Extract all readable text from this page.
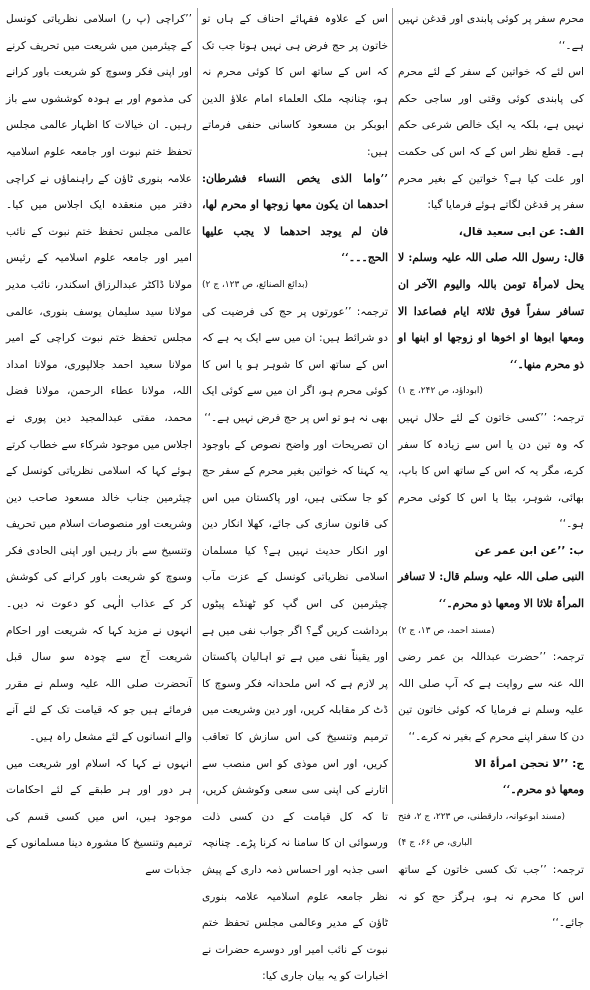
محرم سفر پر کوئی پابندی اور قدغن نہیں ہے۔‘‘

اس لئے کہ خواتین کے سفر کے لئے محرم کی پابندی کوئی وقتی اور ساجی حکم نہیں ہے، بلکہ یہ ایک خالص شرعی حکم ہے۔ قطع نظر اس کے کہ اس کی حکمت اور علت کیا ہے؟ خواتین کے بغیر محرم سفر پر قدغن لگاتے ہوئے فرمایا گیا:

الف: عن ابی سعید قال،

قال: رسول اللہ صلی اللہ علیہ وسلم: لا یحل لامرأۃ تومن باللہ والیوم الآخر ان تسافر سفراً فوق ثلاثۃ ایام فصاعدا الا ومعھا ابوھا او اخوھا او زوجھا او ابنھا او ذو محرم منھا۔‘‘

(ابوداؤد، ص ۲۴۲، ج ۱)

ترجمہ: ’’کسی خاتون کے لئے حلال نہیں کہ وہ تین دن یا اس سے زیادہ کا سفر کرے، مگر یہ کہ اس کے ساتھ اس کا باپ، بھائی، شوہر، بیٹا یا اس کا کوئی محرم ہو۔‘‘

ب: ’’عن ابن عمر عن

النبی صلی اللہ علیہ وسلم قال: لا تسافر المرأۃ ثلاثا الا ومعھا ذو محرم۔‘‘

(مسند احمد، ص ۱۳، ج ۲)

ترجمہ: ’’حضرت عبداللہ بن عمر رضی اللہ عنہ سے روایت ہے کہ آپ صلی اللہ علیہ وسلم نے فرمایا کہ کوئی خاتون تین دن کا سفر اپنے محرم کے بغیر نہ کرے۔‘‘

ج: ’’لا تحجن امرأۃ الا

ومعھا ذو محرم۔‘‘

(مسند ابوعوانہ، دارقطنی، ص ۲۲۳، ج ۲، فتح الباری، ص ۶۶، ج ۴)

ترجمہ: ’’جب تک کسی خاتون کے ساتھ اس کا محرم نہ ہو، ہرگز حج کو نہ جائے۔‘‘

اس کے علاوہ فقہائے احناف کے ہاں تو خاتون پر حج فرض ہی نہیں ہوتا جب تک کہ اس کے ساتھ اس کا کوئی محرم نہ ہو، چنانچہ ملک العلماء امام علاؤ الدین ابوبکر بن مسعود کاسانی حنفی فرماتے ہیں:

’’واما الذی یخص النساء فشرطان: احدھما ان یکون معھا زوجھا او محرم لھا، فان لم یوجد احدھما لا یجب علیھا الحج۔۔۔‘‘

(بدائع الصنائع، ص ۱۲۳، ج ۲)

ترجمہ: ’’عورتوں پر حج کی فرضیت کی دو شرائط ہیں: ان میں سے ایک یہ ہے کہ اس کے ساتھ اس کا شوہر ہو یا اس کا کوئی محرم ہو، اگر ان میں سے کوئی ایک بھی نہ ہو تو اس پر حج فرض نہیں ہے۔‘‘

ان تصریحات اور واضح نصوص کے باوجود یہ کہنا کہ خواتین بغیر محرم کے سفر حج کو جا سکتی ہیں، اور پاکستان میں اس کی قانون سازی کی جائے، کھلا انکار دین اور انکار حدیث نہیں ہے؟ کیا مسلمان اسلامی نظریاتی کونسل کے عزت مآب چیئرمین کی اس گپ کو ٹھنڈے پیٹوں برداشت کریں گے؟ اگر جواب نفی میں ہے اور یقیناً نفی میں ہے تو اہالیان پاکستان پر لازم ہے کہ اس ملحدانہ فکر وسوچ کا ڈٹ کر مقابلہ کریں، اور دین وشریعت میں ترمیم وتنسیخ کی اس سازش کا تعاقب کریں، اور اس موذی کو اس منصب سے اتارنے کی اپنی سی سعی وکوشش کریں، تا کہ کل قیامت کے دن کسی ذلت ورسوائی ان کا سامنا نہ کرنا پڑے۔ چنانچہ اسی جذبہ اور احساس ذمہ داری کے پیش نظر جامعہ علوم اسلامیہ علامہ بنوری ٹاؤن کے مدیر وعالمی مجلس تحفظ ختم نبوت کے نائب امیر اور دوسرے حضرات نے اخبارات کو یہ بیان جاری کیا:

’’کراچی (پ ر) اسلامی نظریاتی کونسل کے چیئرمین میں شریعت میں تحریف کرنے اور اپنی فکر وسوچ کو شریعت باور کرانے کی مذموم اور بے ہودہ کوششوں سے باز رہیں۔ ان خیالات کا اظہار عالمی مجلس تحفظ ختم نبوت اور جامعہ علوم اسلامیہ علامہ بنوری ٹاؤن کے راہنماؤں نے کراچی دفتر میں منعقدہ ایک اجلاس میں کیا۔ عالمی مجلس تحفظ ختم نبوت کے نائب امیر اور جامعہ علوم اسلامیہ کے رئیس مولانا ڈاکٹر عبدالرزاق اسکندر، نائب مدیر مولانا سید سلیمان یوسف بنوری، عالمی مجلس تحفظ ختم نبوت کراچی کے امیر مولانا سعید احمد جلالپوری، مولانا امداد اللہ، مولانا عطاء الرحمن، مولانا فضل محمد، مفتی عبدالمجید دین پوری نے اجلاس میں موجود شرکاء سے خطاب کرتے ہوئے کہا کہ اسلامی نظریاتی کونسل کے چیئرمین جناب خالد مسعود صاحب دین وشریعت اور منصوصات اسلام میں تحریف وتنسیخ سے باز رہیں اور اپنی الحادی فکر وسوچ کو شریعت باور کرانے کی کوشش کر کے عذاب الٰہی کو دعوت نہ دیں۔ انہوں نے مزید کہا کہ شریعت اور احکام شریعت آج سے چودہ سو سال قبل آنحضرت صلی اللہ علیہ وسلم نے مقرر فرمائے ہیں جو کہ قیامت تک کے لئے آنے والے انسانوں کے لئے مشعل راہ ہیں۔

انہوں نے کہا کہ اسلام اور شریعت میں ہر دور اور ہر طبقے کے لئے احکامات موجود ہیں، اس میں کسی قسم کی ترمیم وتنسیخ کا مشورہ دینا مسلمانوں کے جذبات سے
